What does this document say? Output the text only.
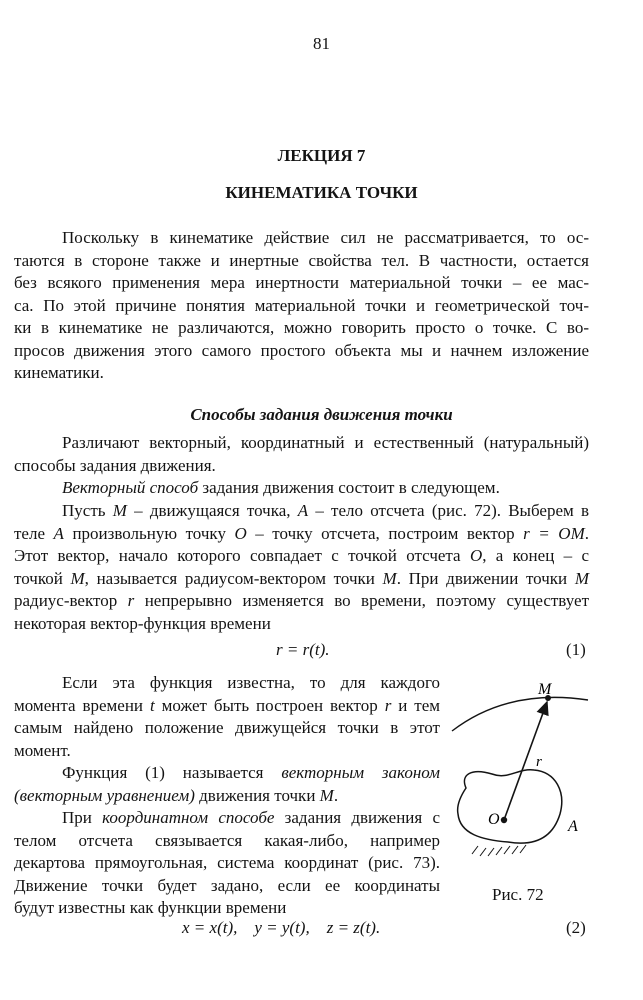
81
ЛЕКЦИЯ 7
КИНЕМАТИКА ТОЧКИ
Поскольку в кинематике действие сил не рассматривается, то ос-
таются в стороне также и инертные свойства тел. В частности, остается
без всякого применения мера инертности материальной точки – ее мас-
са. По этой причине понятия материальной точки и геометрической точ-
ки в кинематике не различаются, можно говорить просто о точке. С во-
просов движения этого самого простого объекта мы и начнем изложение
кинематики.
Способы задания движения точки
Различают векторный, координатный и естественный (натуральный)
способы задания движения.
Векторный способ задания движения состоит в следующем.
Пусть М – движущаяся точка, А – тело отсчета (рис. 72). Выберем в
теле А произвольную точку О – точку отсчета, построим вектор r = OM.
Этот вектор, начало которого совпадает с точкой отсчета О, а конец – с
точкой М, называется радиусом-вектором точки М. При движении точки М
радиус-вектор r непрерывно изменяется во времени, поэтому существует
некоторая вектор-функция времени
r = r(t).	(1)
Если эта функция известна, то для каждого
момента времени t может быть построен вектор r и тем
самым найдено положение движущейся точки в этот
момент.
Функция (1) называется векторным законом
(векторным уравнением) движения точки М.
При координатном способе задания движения с
телом отсчета связывается какая-либо, например
декартова прямоугольная, система координат (рис. 73).
Движение точки будет задано, если ее координаты
будут известны как функции времени
M
O	A
r
Рис. 72
x = x(t),    y = y(t),    z = z(t).	(2)
